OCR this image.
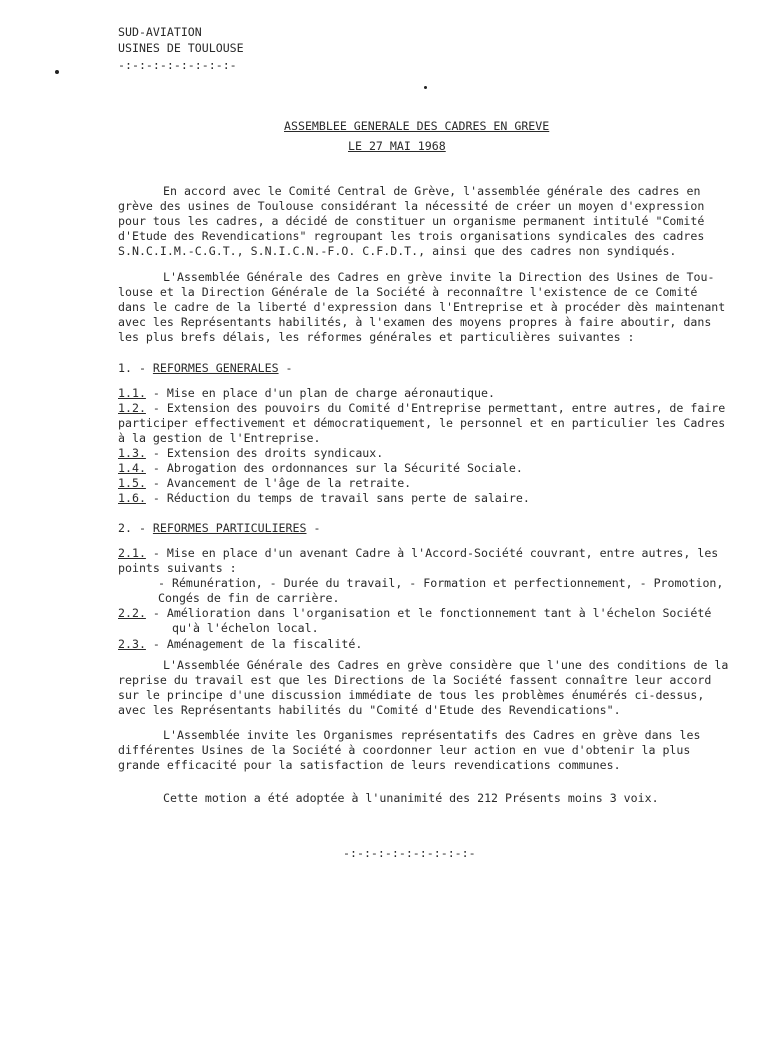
SUD-AVIATION
USINES DE TOULOUSE
-:-:-:-:-:-:-:-:-
ASSEMBLEE GENERALE DES CADRES EN GREVE
LE 27 MAI 1968
En accord avec le Comité Central de Grève, l'assemblée générale des cadres en
grève des usines de Toulouse considérant la nécessité de créer un moyen d'expression
pour tous les cadres, a décidé de constituer un organisme permanent intitulé "Comité
d'Etude des Revendications" regroupant les trois organisations syndicales des cadres
S.N.C.I.M.-C.G.T., S.N.I.C.N.-F.O. C.F.D.T., ainsi que des cadres non syndiqués.
L'Assemblée Générale des Cadres en grève invite la Direction des Usines de Tou-
louse et la Direction Générale de la Société à reconnaître l'existence de ce Comité
dans le cadre de la liberté d'expression dans l'Entreprise et à procéder dès maintenant
avec les Représentants habilités, à l'examen des moyens propres à faire aboutir, dans
les plus brefs délais, les réformes générales et particulières suivantes :
1. - REFORMES GENERALES -
1.1. - Mise en place d'un plan de charge aéronautique.
1.2. - Extension des pouvoirs du Comité d'Entreprise permettant, entre autres, de faire
participer effectivement et démocratiquement, le personnel et en particulier les Cadres
à la gestion de l'Entreprise.
1.3. - Extension des droits syndicaux.
1.4. - Abrogation des ordonnances sur la Sécurité Sociale.
1.5. - Avancement de l'âge de la retraite.
1.6. - Réduction du temps de travail sans perte de salaire.
2. - REFORMES PARTICULIERES -
2.1. - Mise en place d'un avenant Cadre à l'Accord-Société couvrant, entre autres, les
points suivants :
- Rémunération, - Durée du travail, - Formation et perfectionnement, - Promotion,
Congés de fin de carrière.
2.2. - Amélioration dans l'organisation et le fonctionnement tant à l'échelon Société
qu'à l'échelon local.
2.3. - Aménagement de la fiscalité.
L'Assemblée Générale des Cadres en grève considère que l'une des conditions de la
reprise du travail est que les Directions de la Société fassent connaître leur accord
sur le principe d'une discussion immédiate de tous les problèmes énumérés ci-dessus,
avec les Représentants habilités du "Comité d'Etude des Revendications".
L'Assemblée invite les Organismes représentatifs des Cadres en grève dans les
différentes Usines de la Société à coordonner leur action en vue d'obtenir la plus
grande efficacité pour la satisfaction de leurs revendications communes.
Cette motion a été adoptée à l'unanimité des 212 Présents moins 3 voix.
-:-:-:-:-:-:-:-:-:-
